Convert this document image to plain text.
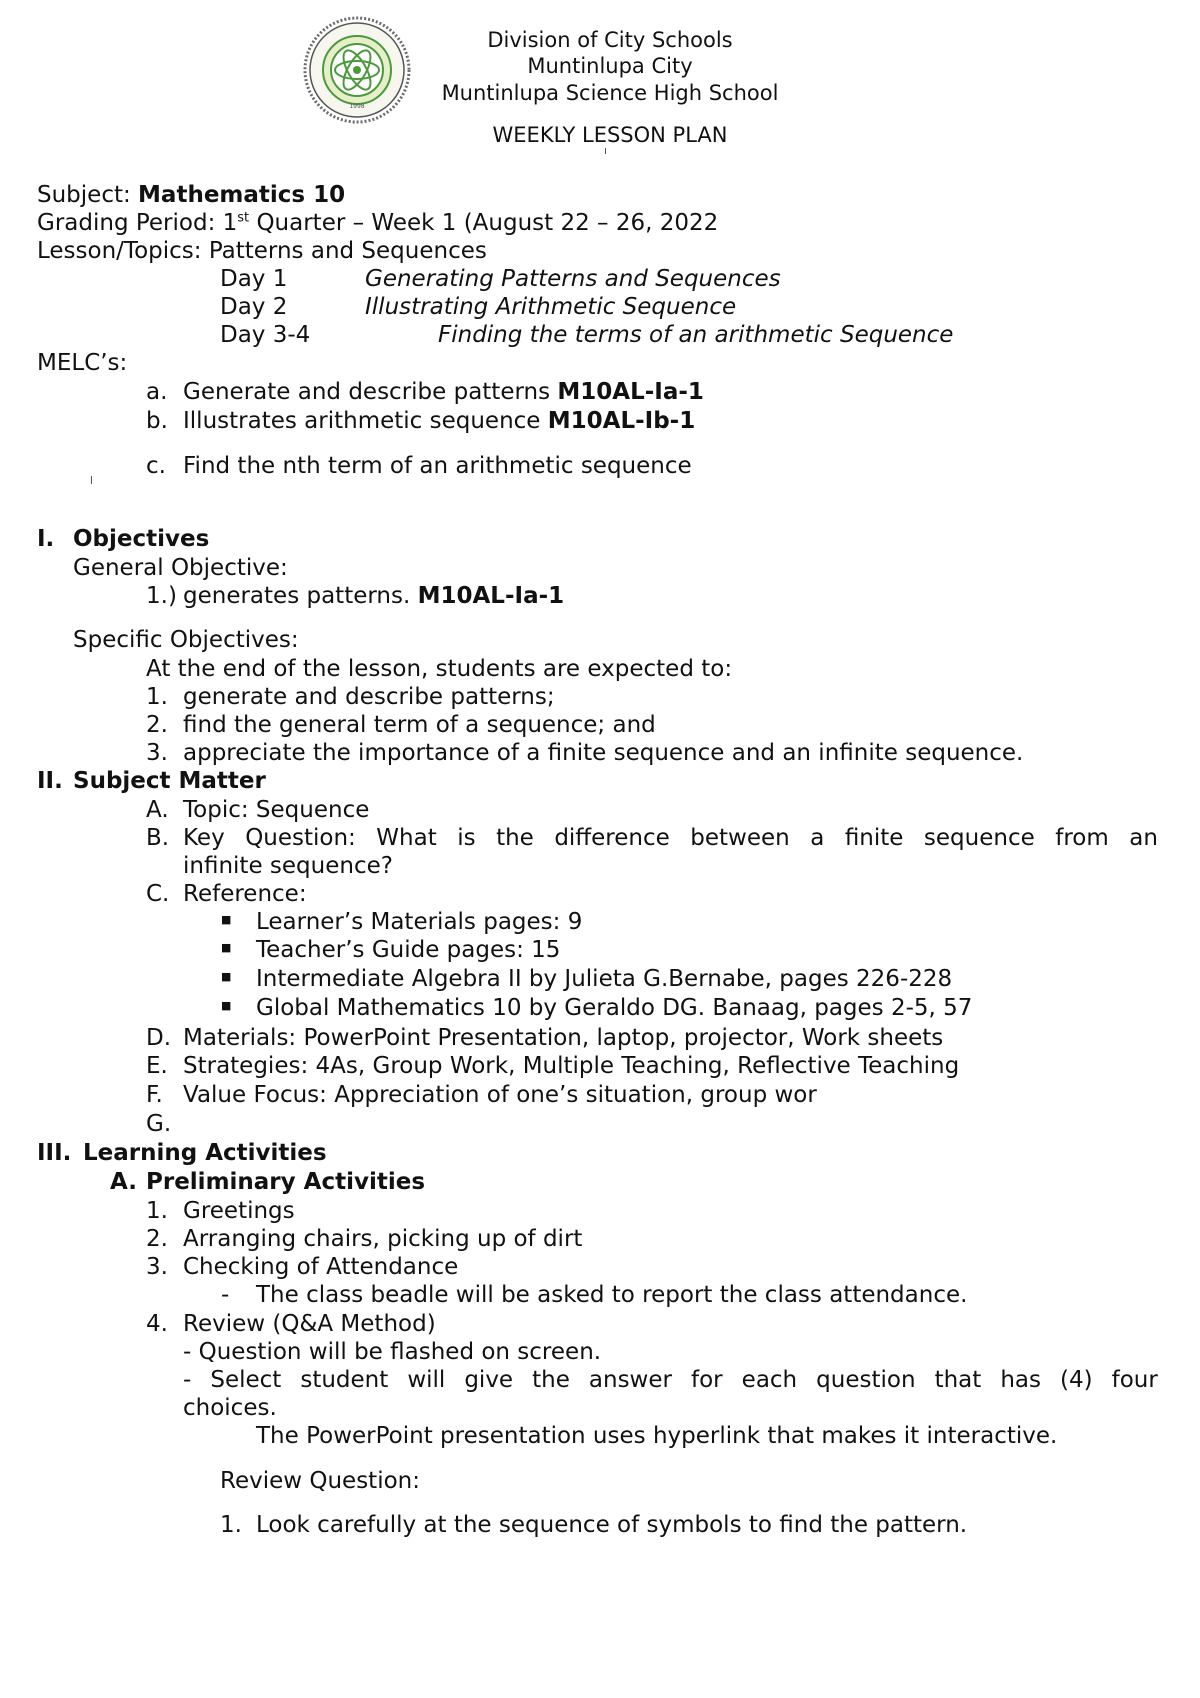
1998
Division of City Schools
Muntinlupa City
Muntinlupa Science High School
WEEKLY LESSON PLAN
Subject: Mathematics 10
Grading Period: 1st Quarter – Week 1 (August 22 – 26, 2022
Lesson/Topics: Patterns and Sequences
Day 1	Generating Patterns and Sequences
Day 2	Illustrating Arithmetic Sequence
Day 3-4	Finding the terms of an arithmetic Sequence
MELC’s:
a. Generate and describe patterns M10AL-Ia-1
b. Illustrates arithmetic sequence M10AL-Ib-1
c. Find the nth term of an arithmetic sequence
I. Objectives
General Objective:
1.) generates patterns. M10AL-Ia-1
Specific Objectives:
At the end of the lesson, students are expected to:
1. generate and describe patterns;
2. find the general term of a sequence; and
3. appreciate the importance of a finite sequence and an infinite sequence.
II. Subject Matter
A. Topic: Sequence
B. Key Question: What is the difference between a finite sequence from an
infinite sequence?
C. Reference:
■ Learner’s Materials pages: 9
■ Teacher’s Guide pages: 15
■ Intermediate Algebra II by Julieta G.Bernabe, pages 226-228
■ Global Mathematics 10 by Geraldo DG. Banaag, pages 2-5, 57
D. Materials: PowerPoint Presentation, laptop, projector, Work sheets
E. Strategies: 4As, Group Work, Multiple Teaching, Reflective Teaching
F. Value Focus: Appreciation of one’s situation, group wor
G.
III. Learning Activities
A. Preliminary Activities
1. Greetings
2. Arranging chairs, picking up of dirt
3. Checking of Attendance
- The class beadle will be asked to report the class attendance.
4. Review (Q&A Method)
- Question will be flashed on screen.
- Select student will give the answer for each question that has (4) four
choices.
The PowerPoint presentation uses hyperlink that makes it interactive.
Review Question:
1. Look carefully at the sequence of symbols to find the pattern.
